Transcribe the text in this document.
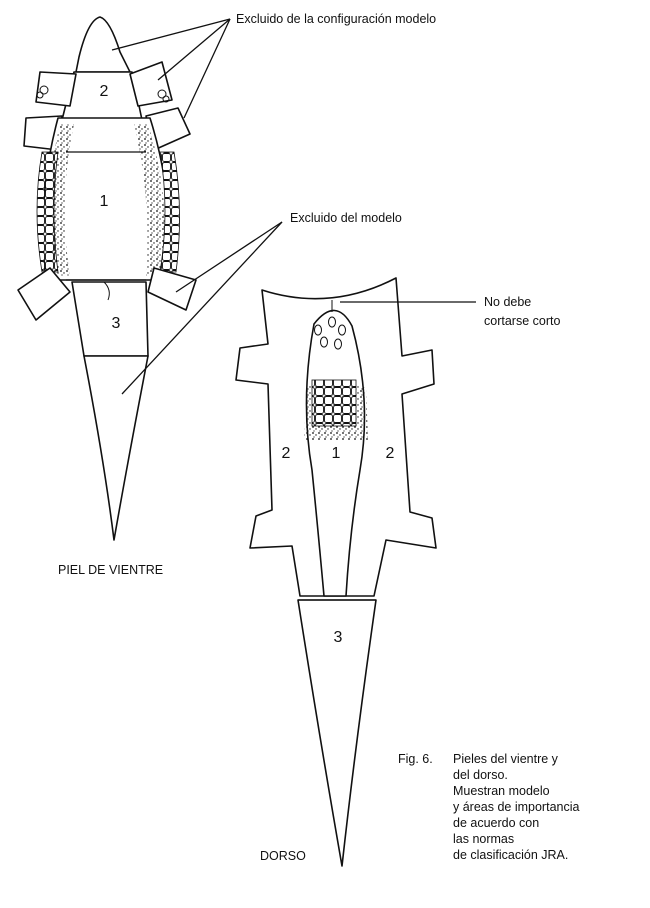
1
2
3
1
2	2
3
Excluido de la configuración modelo
Excluido del modelo
No debe
cortarse corto
PIEL DE VIENTRE
DORSO
Fig. 6. Pieles del vientre y
del dorso.
Muestran modelo
y áreas de importancia
de acuerdo con
las normas
de clasificación JRA.
